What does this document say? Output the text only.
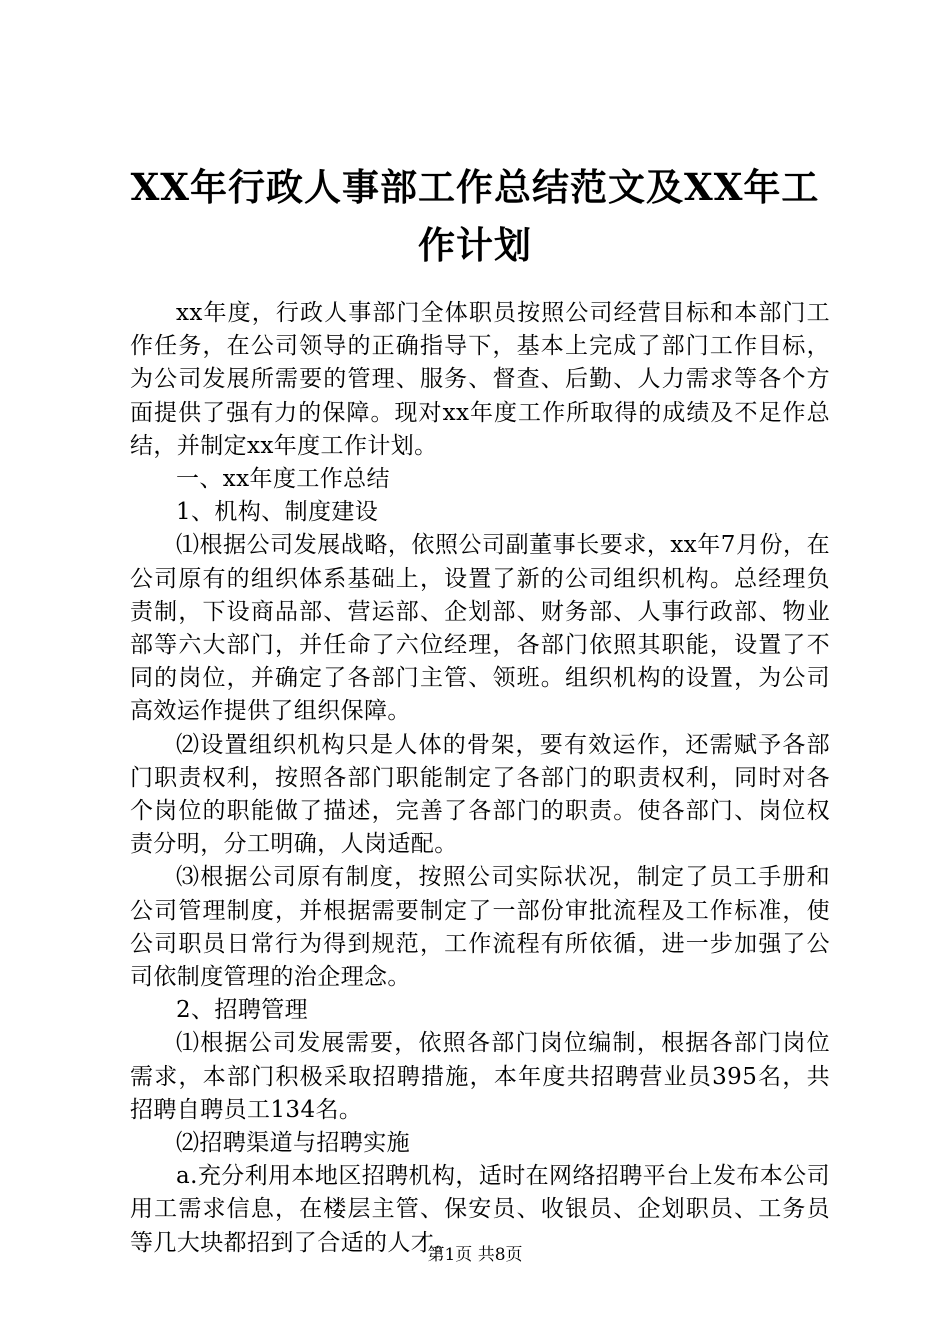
XX年行政人事部工作总结范文及XX年工作计划

xx年度，行政人事部门全体职员按照公司经营目标和本部门工作任务，在公司领导的正确指导下，基本上完成了部门工作目标，为公司发展所需要的管理、服务、督查、后勤、人力需求等各个方面提供了强有力的保障。现对xx年度工作所取得的成绩及不足作总结，并制定xx年度工作计划。

一、xx年度工作总结

1、机构、制度建设

⑴根据公司发展战略，依照公司副董事长要求，xx年7月份，在公司原有的组织体系基础上，设置了新的公司组织机构。总经理负责制，下设商品部、营运部、企划部、财务部、人事行政部、物业部等六大部门，并任命了六位经理，各部门依照其职能，设置了不同的岗位，并确定了各部门主管、领班。组织机构的设置，为公司高效运作提供了组织保障。

⑵设置组织机构只是人体的骨架，要有效运作，还需赋予各部门职责权利，按照各部门职能制定了各部门的职责权利，同时对各个岗位的职能做了描述，完善了各部门的职责。使各部门、岗位权责分明，分工明确，人岗适配。

⑶根据公司原有制度，按照公司实际状况，制定了员工手册和公司管理制度，并根据需要制定了一部份审批流程及工作标准，使公司职员日常行为得到规范，工作流程有所依循，进一步加强了公司依制度管理的治企理念。

2、招聘管理

⑴根据公司发展需要，依照各部门岗位编制，根据各部门岗位需求，本部门积极采取招聘措施，本年度共招聘营业员395名，共招聘自聘员工134名。

⑵招聘渠道与招聘实施

a.充分利用本地区招聘机构，适时在网络招聘平台上发布本公司用工需求信息，在楼层主管、保安员、收银员、企划职员、工务员等几大块都招到了合适的人才。

第1页 共8页
